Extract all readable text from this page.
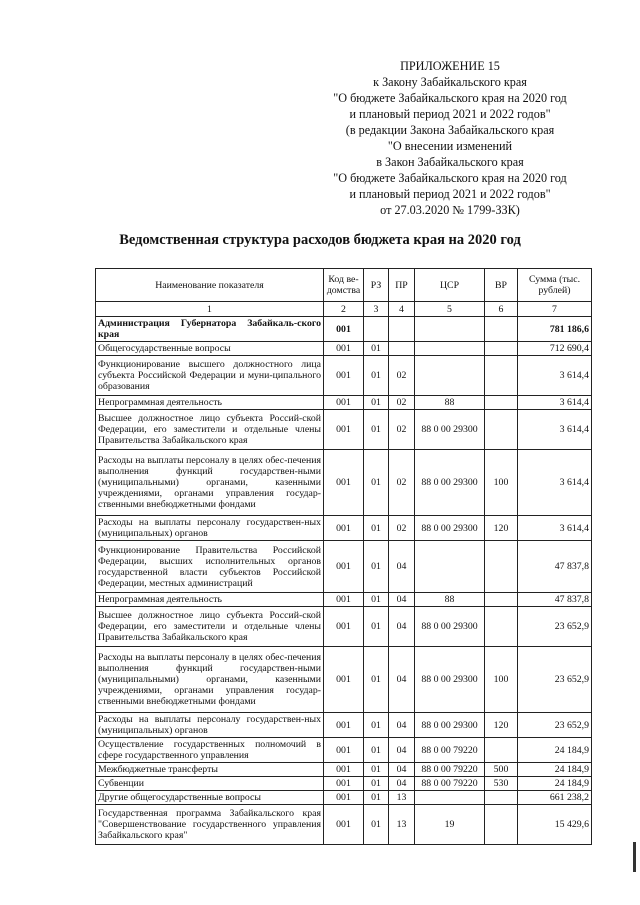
ПРИЛОЖЕНИЕ 15
к Закону Забайкальского края
"О бюджете Забайкальского края на 2020 год
и плановый период 2021 и 2022 годов"
(в редакции Закона Забайкальского края
"О внесении изменений
в Закон Забайкальского края
"О бюджете Забайкальского края на 2020 год
и плановый период 2021 и 2022 годов"
от 27.03.2020 № 1799-ЗЗК)
Ведомственная структура расходов бюджета края на 2020 год
Наименование показателя	Код ве-домства	РЗ	ПР	ЦСР	ВР	Сумма (тыс. рублей)
1	2	3	4	5	6	7
Администрация Губернатора Забайкаль-ского края	001					781 186,6
Общегосударственные вопросы	001	01				712 690,4
Функционирование высшего должностного лица субъекта Российской Федерации и муни-ципального образования	001	01	02			3 614,4
Непрограммная деятельность	001	01	02	88		3 614,4
Высшее должностное лицо субъекта Россий-ской Федерации, его заместители и отдельные члены Правительства Забайкальского края	001	01	02	88 0 00 29300		3 614,4
Расходы на выплаты персоналу в целях обес-печения выполнения функций государствен-ными (муниципальными) органами, казенными учреждениями, органами управления государ-ственными внебюджетными фондами	001	01	02	88 0 00 29300	100	3 614,4
Расходы на выплаты персоналу государствен-ных (муниципальных) органов	001	01	02	88 0 00 29300	120	3 614,4
Функционирование Правительства Российской Федерации, высших исполнительных органов государственной власти субъектов Российской Федерации, местных администраций	001	01	04			47 837,8
Непрограммная деятельность	001	01	04	88		47 837,8
Высшее должностное лицо субъекта Россий-ской Федерации, его заместители и отдельные члены Правительства Забайкальского края	001	01	04	88 0 00 29300		23 652,9
Расходы на выплаты персоналу в целях обес-печения выполнения функций государствен-ными (муниципальными) органами, казенными учреждениями, органами управления государ-ственными внебюджетными фондами	001	01	04	88 0 00 29300	100	23 652,9
Расходы на выплаты персоналу государствен-ных (муниципальных) органов	001	01	04	88 0 00 29300	120	23 652,9
Осуществление государственных полномочий в сфере государственного управления	001	01	04	88 0 00 79220		24 184,9
Межбюджетные трансферты	001	01	04	88 0 00 79220	500	24 184,9
Субвенции	001	01	04	88 0 00 79220	530	24 184,9
Другие общегосударственные вопросы	001	01	13			661 238,2
Государственная программа Забайкальского края "Совершенствование государственного управления Забайкальского края"	001	01	13	19		15 429,6
